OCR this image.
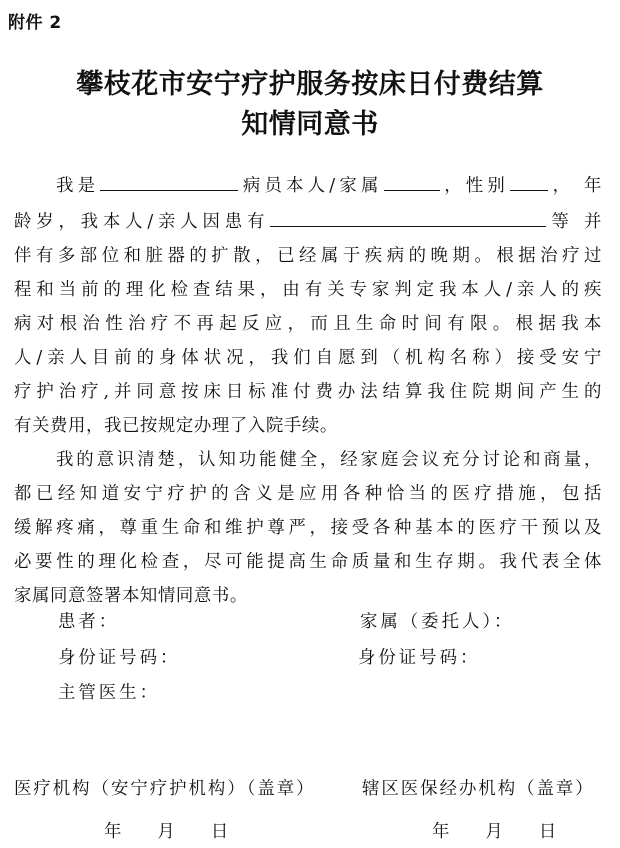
附件 2
攀枝花市安宁疗护服务按床日付费结算
知情同意书
我是	病员本人/家属	，性别 ， 年
龄岁，我本人/亲人因患有	等 并
伴有多部位和脏器的扩散，已经属于疾病的晚期。根据治疗过
程和当前的理化检查结果，由有关专家判定我本人/亲人的疾
病对根治性治疗不再起反应，而且生命时间有限。根据我本
人/亲人目前的身体状况，我们自愿到（机构名称）接受安宁
疗护治疗,并同意按床日标准付费办法结算我住院期间产生的
有关费用，我已按规定办理了入院手续。
我的意识清楚，认知功能健全，经家庭会议充分讨论和商量，
都已经知道安宁疗护的含义是应用各种恰当的医疗措施，包括
缓解疼痛，尊重生命和维护尊严，接受各种基本的医疗干预以及
必要性的理化检查，尽可能提高生命质量和生存期。我代表全体
家属同意签署本知情同意书。
患者：	家属（委托人）：
身份证号码：	身份证号码：
主管医生：
医疗机构（安宁疗护机构）（盖章）	辖区医保经办机构（盖章）
年 月 日	年 月 日
